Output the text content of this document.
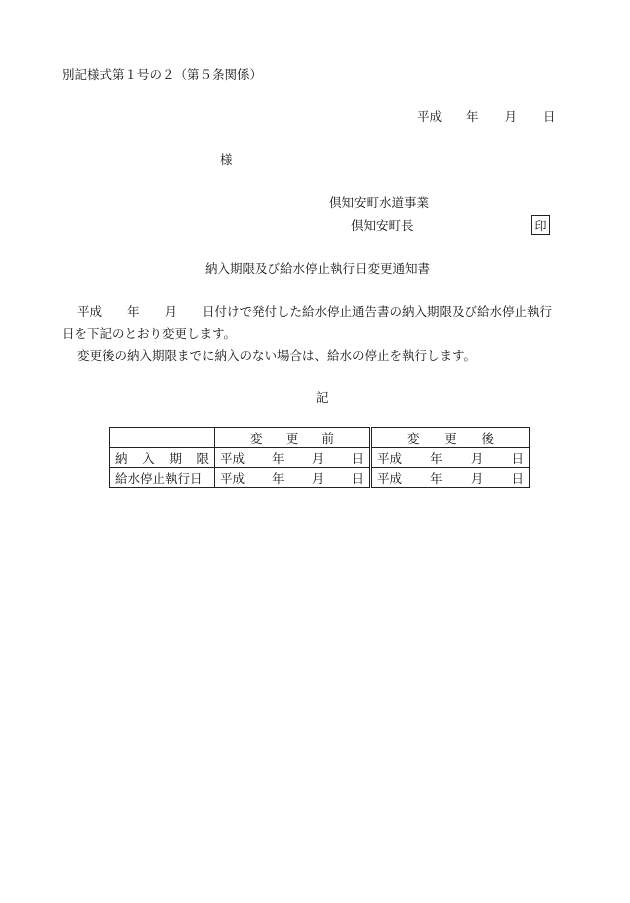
別記様式第１号の２（第５条関係）
平成 年 月 日
様
倶知安町水道事業
倶知安町長	印
納入期限及び給水停止執行日変更通知書
平成　　年　　月　　日付けで発付した給水停止通告書の納入期限及び給水停止執行
日を下記のとおり変更します。
変更後の納入期限までに納入のない場合は、給水の停止を執行します。
記

	変 更 前	変 更 後

納 入 期 限	平成 年 月 日	平成 年 月 日

給水停止執行日	平成 年 月 日	平成 年 月 日
